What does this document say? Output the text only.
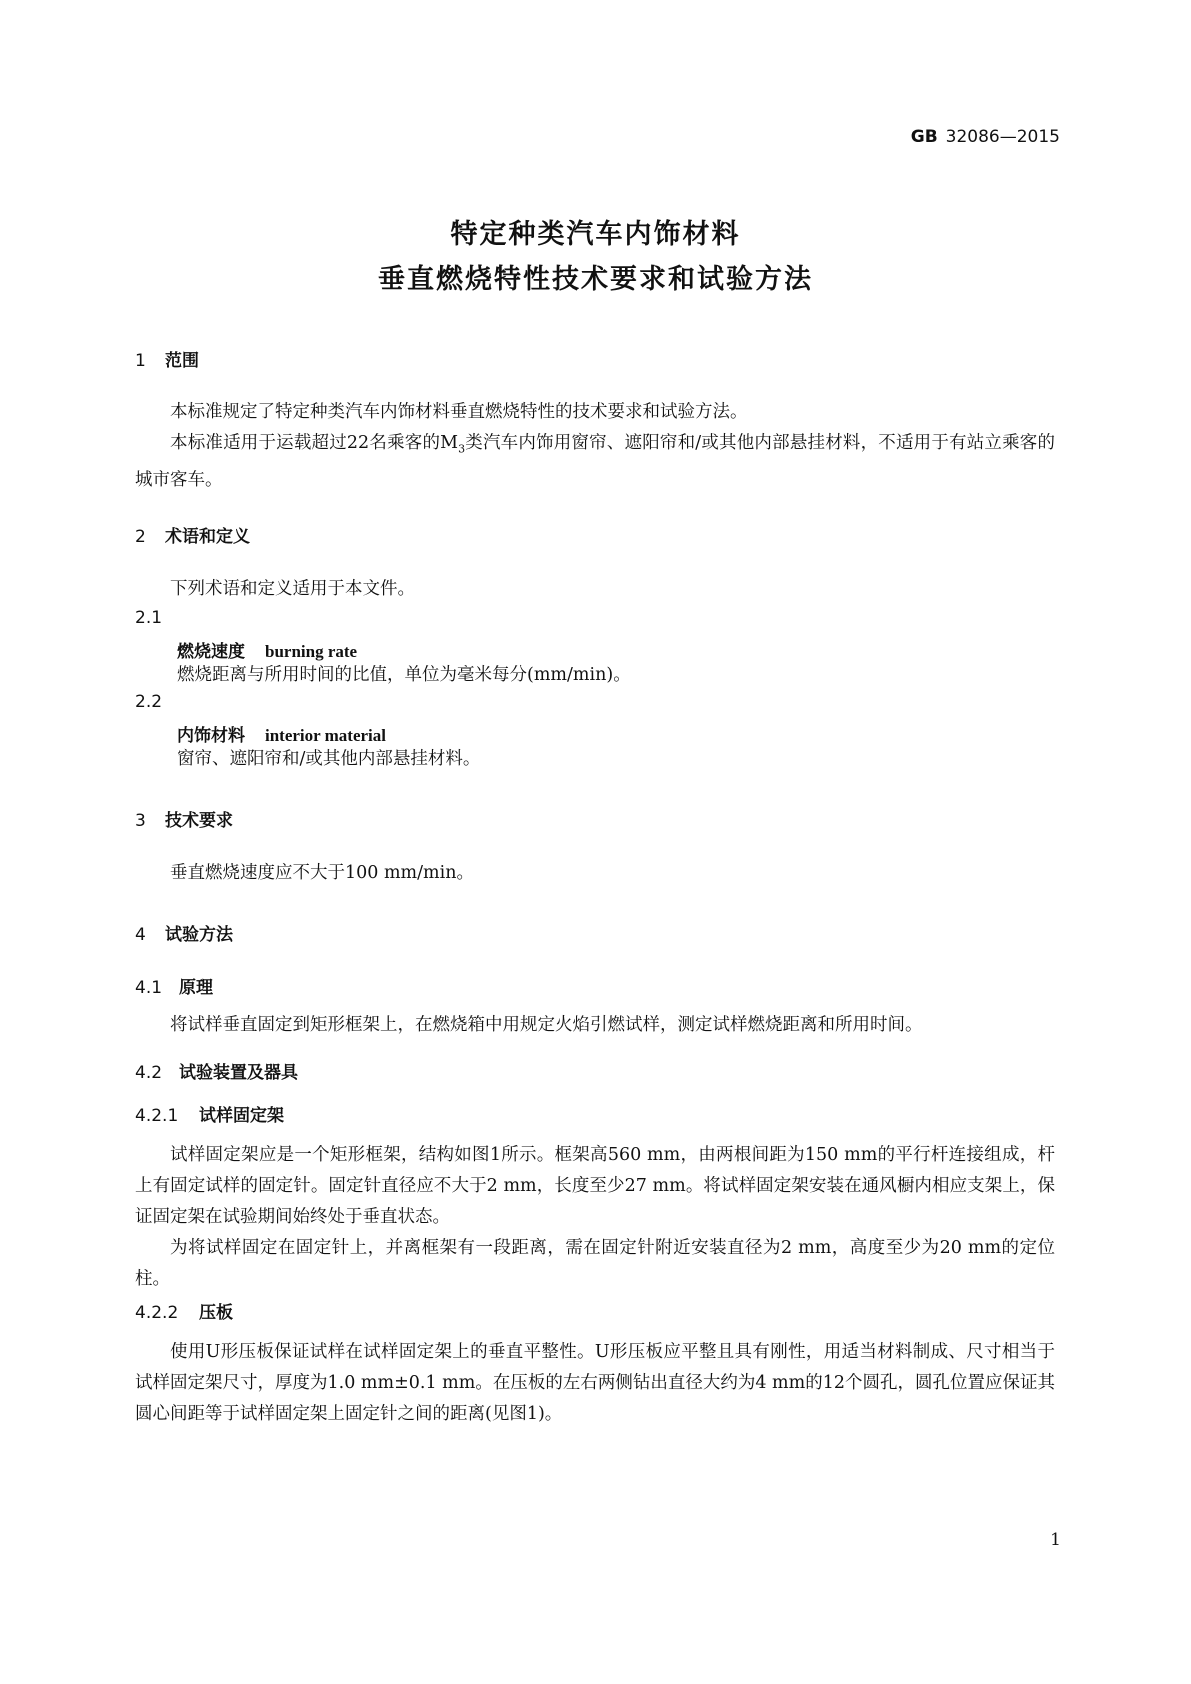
GB 32086—2015
特定种类汽车内饰材料
垂直燃烧特性技术要求和试验方法
1 范围
本标准规定了特定种类汽车内饰材料垂直燃烧特性的技术要求和试验方法。
本标准适用于运载超过22名乘客的$M_3$类汽车内饰用窗帘、遮阳帘和/或其他内部悬挂材料，不适用于有站立乘客的城市客车。
2 术语和定义
下列术语和定义适用于本文件。
2.1
燃烧速度 burning rate
燃烧距离与所用时间的比值，单位为毫米每分(mm/min)。
2.2
内饰材料 interior material
窗帘、遮阳帘和/或其他内部悬挂材料。
3 技术要求
垂直燃烧速度应不大于100 mm/min。
4 试验方法
4.1 原理
将试样垂直固定到矩形框架上，在燃烧箱中用规定火焰引燃试样，测定试样燃烧距离和所用时间。
4.2 试验装置及器具
4.2.1 试样固定架
试样固定架应是一个矩形框架，结构如图1所示。框架高560 mm，由两根间距为150 mm的平行杆连接组成，杆上有固定试样的固定针。固定针直径应不大于2 mm，长度至少27 mm。将试样固定架安装在通风橱内相应支架上，保证固定架在试验期间始终处于垂直状态。
为将试样固定在固定针上，并离框架有一段距离，需在固定针附近安装直径为2 mm，高度至少为20 mm的定位柱。
4.2.2 压板
使用U形压板保证试样在试样固定架上的垂直平整性。U形压板应平整且具有刚性，用适当材料制成、尺寸相当于试样固定架尺寸，厚度为1.0 mm±0.1 mm。在压板的左右两侧钻出直径大约为4 mm的12个圆孔，圆孔位置应保证其圆心间距等于试样固定架上固定针之间的距离(见图1)。
1
